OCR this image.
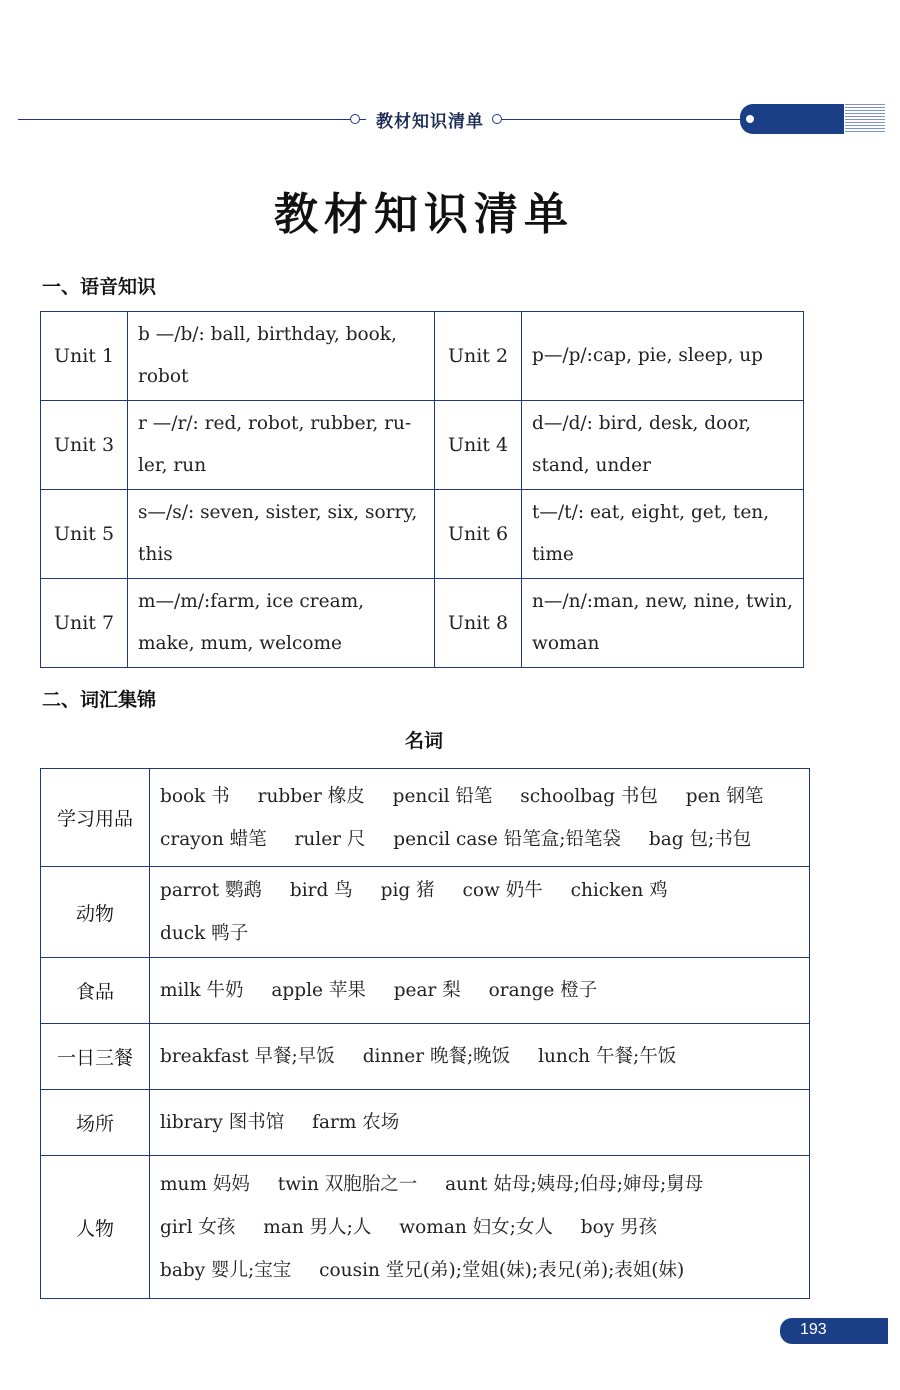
教材知识清单
教材知识清单
一、语音知识
Unit 1	b —/b/: ball, birthday, book, robot	Unit 2	p—/p/:cap, pie, sleep, up
Unit 3	r —/r/: red, robot, rubber, ru-ler, run	Unit 4	d—/d/: bird, desk, door, stand, under
Unit 5	s—/s/: seven, sister, six, sorry, this	Unit 6	t—/t/: eat, eight, get, ten, time
Unit 7	m—/m/:farm, ice cream, make, mum, welcome	Unit 8	n—/n/:man, new, nine, twin, woman
二、词汇集锦
名词
学习用品	book 书 rubber 橡皮 pencil 铅笔 schoolbag 书包 pen 钢笔 crayon 蜡笔 ruler 尺 pencil case 铅笔盒;铅笔袋 bag 包;书包
动物	parrot 鹦鹉 bird 鸟 pig 猪 cow 奶牛 chicken 鸡 duck 鸭子
食品	milk 牛奶 apple 苹果 pear 梨 orange 橙子
一日三餐	breakfast 早餐;早饭 dinner 晚餐;晚饭 lunch 午餐;午饭
场所	library 图书馆 farm 农场
人物	mum 妈妈 twin 双胞胎之一 aunt 姑母;姨母;伯母;婶母;舅母 girl 女孩 man 男人;人 woman 妇女;女人 boy 男孩 baby 婴儿;宝宝 cousin 堂兄(弟);堂姐(妹);表兄(弟);表姐(妹)
193
